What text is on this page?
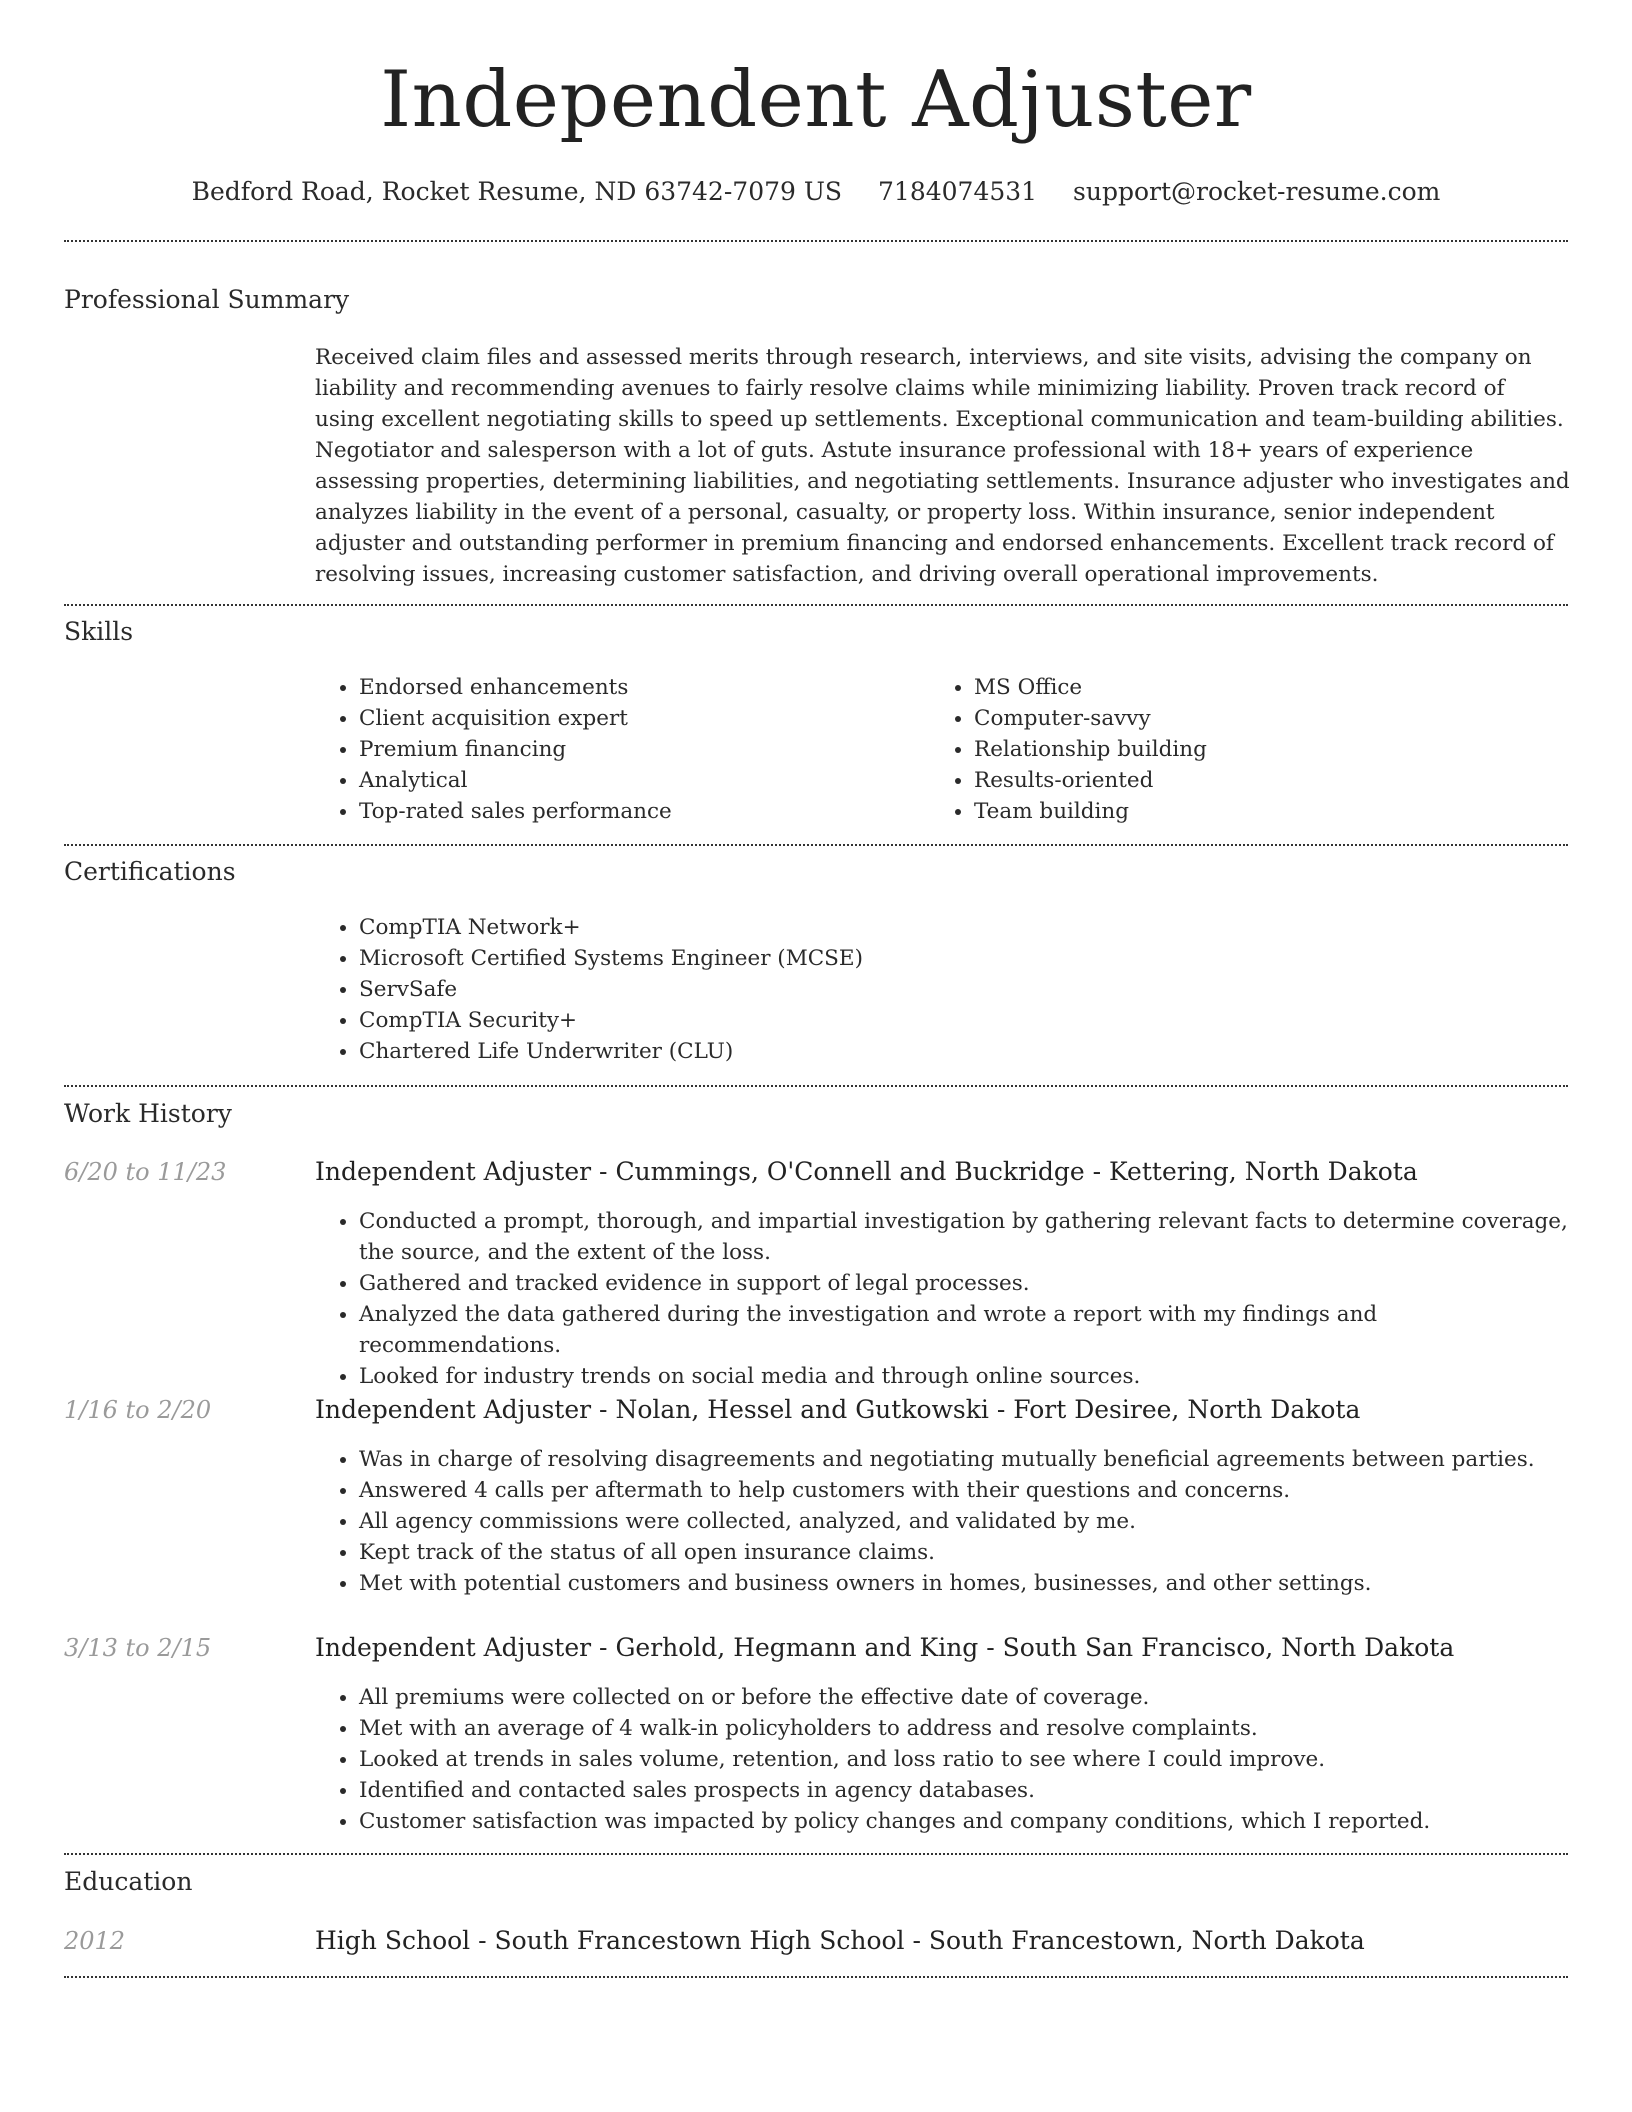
Independent Adjuster
Bedford Road, Rocket Resume, ND 63742-7079 US 7184074531 support@rocket-resume.com
Professional Summary
Received claim files and assessed merits through research, interviews, and site visits, advising the company on liability and recommending avenues to fairly resolve claims while minimizing liability. Proven track record of using excellent negotiating skills to speed up settlements. Exceptional communication and team-building abilities. Negotiator and salesperson with a lot of guts. Astute insurance professional with 18+ years of experience assessing properties, determining liabilities, and negotiating settlements. Insurance adjuster who investigates and analyzes liability in the event of a personal, casualty, or property loss. Within insurance, senior independent adjuster and outstanding performer in premium financing and endorsed enhancements. Excellent track record of resolving issues, increasing customer satisfaction, and driving overall operational improvements.
Skills
• Endorsed enhancements
• Client acquisition expert
• Premium financing
• Analytical
• Top-rated sales performance
• MS Office
• Computer-savvy
• Relationship building
• Results-oriented
• Team building
Certifications
• CompTIA Network+
• Microsoft Certified Systems Engineer (MCSE)
• ServSafe
• CompTIA Security+
• Chartered Life Underwriter (CLU)
Work History
6/20 to 11/23	Independent Adjuster - Cummings, O'Connell and Buckridge - Kettering, North Dakota
• Conducted a prompt, thorough, and impartial investigation by gathering relevant facts to determine coverage, the source, and the extent of the loss.
• Gathered and tracked evidence in support of legal processes.
• Analyzed the data gathered during the investigation and wrote a report with my findings and recommendations.
• Looked for industry trends on social media and through online sources.
1/16 to 2/20	Independent Adjuster - Nolan, Hessel and Gutkowski - Fort Desiree, North Dakota
• Was in charge of resolving disagreements and negotiating mutually beneficial agreements between parties.
• Answered 4 calls per aftermath to help customers with their questions and concerns.
• All agency commissions were collected, analyzed, and validated by me.
• Kept track of the status of all open insurance claims.
• Met with potential customers and business owners in homes, businesses, and other settings.
3/13 to 2/15	Independent Adjuster - Gerhold, Hegmann and King - South San Francisco, North Dakota
• All premiums were collected on or before the effective date of coverage.
• Met with an average of 4 walk-in policyholders to address and resolve complaints.
• Looked at trends in sales volume, retention, and loss ratio to see where I could improve.
• Identified and contacted sales prospects in agency databases.
• Customer satisfaction was impacted by policy changes and company conditions, which I reported.
Education
2012	High School - South Francestown High School - South Francestown, North Dakota
